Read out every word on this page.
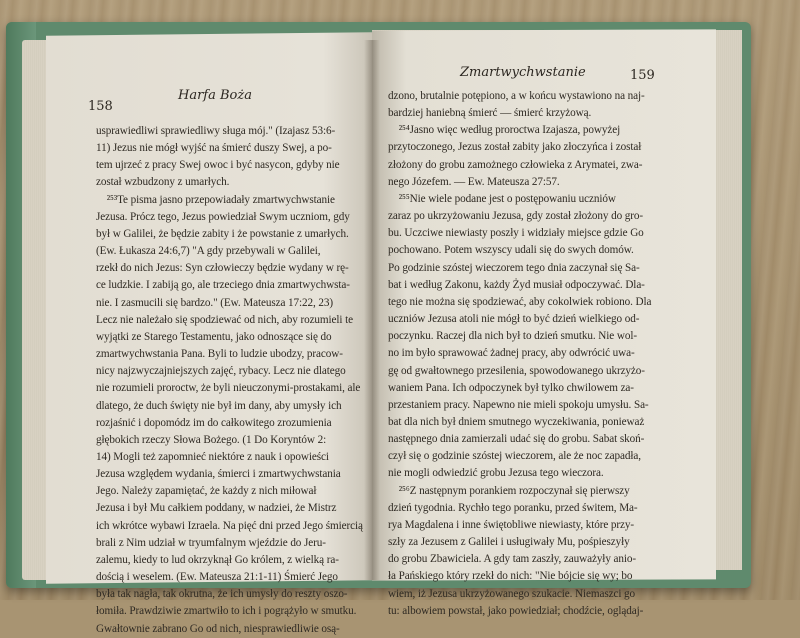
158
Harfa Boża
Zmartwychwstanie	159
usprawiedliwi sprawiedliwy sługa mój." (Izajasz 53:6-
11) Jezus nie mógł wyjść na śmierć duszy Swej, a po-
tem ujrzeć z pracy Swej owoc i być nasycon, gdyby nie
został wzbudzony z umarłych.
²⁵³Te pisma jasno przepowiadały zmartwychwstanie
Jezusa. Prócz tego, Jezus powiedział Swym uczniom, gdy
był w Galilei, że będzie zabity i że powstanie z umarłych.
(Ew. Łukasza 24:6,7) "A gdy przebywali w Galilei,
rzekł do nich Jezus: Syn człowieczy będzie wydany w rę-
ce ludzkie. I zabiją go, ale trzeciego dnia zmartwychwsta-
nie. I zasmucili się bardzo." (Ew. Mateusza 17:22, 23)
Lecz nie należało się spodziewać od nich, aby rozumieli te
wyjątki ze Starego Testamentu, jako odnoszące się do
zmartwychwstania Pana. Byli to ludzie ubodzy, pracow-
nicy najzwyczajniejszych zajęć, rybacy. Lecz nie dlatego
nie rozumieli proroctw, że byli nieuczonymi-prostakami, ale
dlatego, że duch święty nie był im dany, aby umysły ich
rozjaśnić i dopomódz im do całkowitego zrozumienia
głębokich rzeczy Słowa Bożego. (1 Do Koryntów 2:
14) Mogli też zapomnieć niektóre z nauk i opowieści
Jezusa względem wydania, śmierci i zmartwychwstania
Jego. Należy zapamiętać, że każdy z nich miłował
Jezusa i był Mu całkiem poddany, w nadziei, że Mistrz
ich wkrótce wybawi Izraela. Na pięć dni przed Jego śmiercią
brali z Nim udział w tryumfalnym wjeździe do Jeru-
zalemu, kiedy to lud okrzyknął Go królem, z wielką ra-
dością i weselem. (Ew. Mateusza 21:1-11) Śmierć Jego
była tak nagła, tak okrutna, że ich umysły do reszty oszo-
łomiła. Prawdziwie zmartwiło to ich i pogrążyło w smutku.
Gwałtownie zabrano Go od nich, niesprawiedliwie osą-
dzono, brutalnie potępiono, a w końcu wystawiono na naj-
bardziej haniebną śmierć — śmierć krzyżową.
²⁵⁴Jasno więc według proroctwa Izajasza, powyżej
przytoczonego, Jezus został zabity jako złoczyńca i został
złożony do grobu zamożnego człowieka z Arymatei, zwa-
nego Józefem. — Ew. Mateusza 27:57.
²⁵⁵Nie wiele podane jest o postępowaniu uczniów
zaraz po ukrzyżowaniu Jezusa, gdy został złożony do gro-
bu. Uczciwe niewiasty poszły i widziały miejsce gdzie Go
pochowano. Potem wszyscy udali się do swych domów.
Po godzinie szóstej wieczorem tego dnia zaczynał się Sa-
bat i według Zakonu, każdy Żyd musiał odpoczywać. Dla-
tego nie można się spodziewać, aby cokolwiek robiono. Dla
uczniów Jezusa atoli nie mógł to być dzień wielkiego od-
poczynku. Raczej dla nich był to dzień smutku. Nie wol-
no im było sprawować żadnej pracy, aby odwrócić uwa-
gę od gwałtownego przesilenia, spowodowanego ukrzyżo-
waniem Pana. Ich odpoczynek był tylko chwilowem za-
przestaniem pracy. Napewno nie mieli spokoju umysłu. Sa-
bat dla nich był dniem smutnego wyczekiwania, ponieważ
następnego dnia zamierzali udać się do grobu. Sabat skoń-
czył się o godzinie szóstej wieczorem, ale że noc zapadła,
nie mogli odwiedzić grobu Jezusa tego wieczora.
²⁵⁶Z następnym porankiem rozpoczynał się pierwszy
dzień tygodnia. Rychło tego poranku, przed świtem, Ma-
rya Magdalena i inne świętobliwe niewiasty, które przy-
szły za Jezusem z Galilei i usługiwały Mu, pośpieszyły
do grobu Zbawiciela. A gdy tam zaszły, zauważyły anio-
ła Pańskiego który rzekł do nich: "Nie bójcie się wy; bo
wiem, iż Jezusa ukrzyżowanego szukacie. Niemaszci go
tu: albowiem powstał, jako powiedział; chodźcie, oglądaj-
